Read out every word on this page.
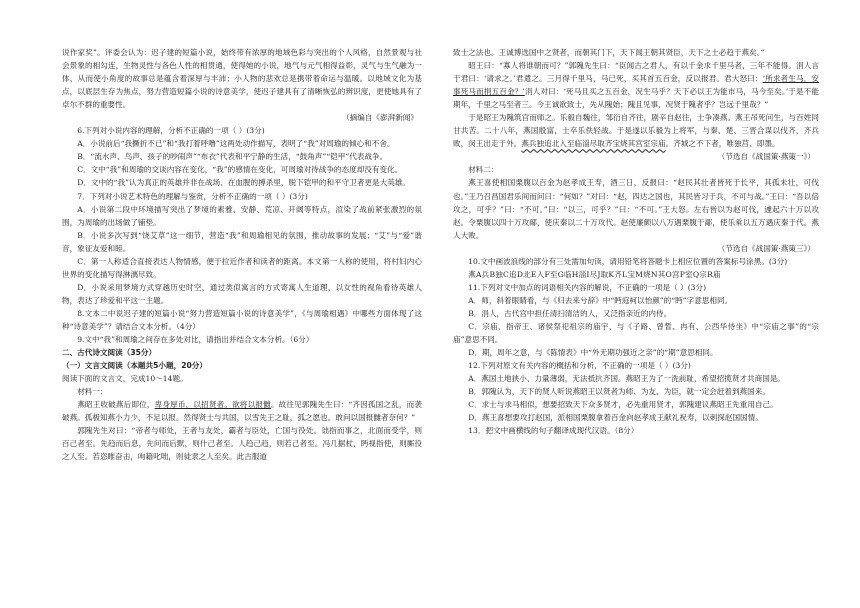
说作家奖”。评委会认为：迟子建的短篇小说，始终带有浓厚的地域色彩与突出的个人风格，自然景观与社会景象的相勾连，生物灵性与各色人性的相贯通，使得她的小说，地气与元气相得益彰，灵气与生气融为一体，从而使小角度的故事总是蕴含着深厚与丰沛；小人物的悲欢总是携带着命运与温暖。以地域文化为基点，以底层生存为焦点，努力营造短篇小说的诗意美学，使迟子建具有了清晰恢弘的辨识度，更使她具有了卓尔不群的重要性。

（摘编自《澎湃新闻》

6.下列对小说内容的理解，分析不正确的一项（ ）(3分)

A．小说前后“我撅折不已”和“我打着呼噜”这两处动作描写，表明了“我”对周瑜的倾心和不舍。

B．“流水声、鸟声、孩子的吵闹声”“布衣”代表和平宁静的生活，“鼓角声”“铠甲”代表战争。

C．文中“我”和周瑜的交谈内容在变化，“我”的感情在变化，可周瑜对待战争的态度却没有变化。

D．文中的“我”认为真正的英雄并非在战场、在血腥的搏杀里，脱下铠甲的和平守卫者更是大英雄。

7．下列对小说艺术特色的理解与鉴赏，分析不正确的一项（ ）(3分)

A．小说第二段中环境描写突出了梦境的素雅、安静、荒凉、开阔等特点，渲染了战前紧张激烈的氛围，为周瑜的出场做了铺垫。

B．小说多次写到“饶艾草”这一细节，营造“我”和周瑜相见的氛围，推动故事的发展；“艾”与“爱”谐音，象征友爱和睦。

C．第一人称适合直接表达人物情感，便于拉近作者和读者的距离。本文第一人称的使用，将村妇内心世界的变化描写得淋漓尽致。

D．小说采用梦境方式穿越历史时空，通过类似寓言的方式寄寓人生道理，以女性的视角看待英雄人物，表达了珍爱和平这一主题。

8.文本二中说迟子建的短篇小说“努力营造短篇小说的诗意美学”，《与周瑜相遇》中哪些方面体现了这种“诗意美学”？请结合文本分析。（4分）

9.文中“我”和周瑜之间存在多处对比，请指出并结合文本分析。（6分）

二、古代诗文阅读（35分）

（一）文言文阅读（本题共5小题，20分）

阅读下面的文言文，完成10～14题。

材料一：

燕昭王收破燕后即位，卑身厚币，以招贤者。欲将以报雠。故往见郭隗先生曰：“齐因孤国之乱，而袭破燕。孤极知燕小力少，不足以报。然得贤士与共国，以雪先王之耻，孤之愿也。敢问以国报雠者奈何？”

郭隗先生对曰：“帝者与师处，王者与友处，霸者与臣处，亡国与役处。诎指而事之，北面而受学，则百己者至。先趋而后息，先问而后默，则什己者至。人趋己趋，则若己者至。冯几据杖，眄视指使，则厮役之人至。若恣睢奋击，呴籍叱咄，则徒隶之人至矣。此古服道

致士之法也。王诚博选国中之贤者，而朝其门下，天下闻王朝其贤臣，天下之士必趋于燕矣。”

昭王曰：“寡人将谁朝而可？”郭隗先生曰：“臣闻古之君人，有以千金求千里马者，三年不能得。涓人言于君曰：‘请求之。’君遣之。三月得千里马，马已死，买其首五百金，反以报君。君大怒曰：‘所求者生马，安事死马而捐五百金？’涓人对曰：‘死马且买之五百金，况生马乎？天下必以王为能市马，马今至矣。’于是不能期年，千里之马至者三。今王诚欲致士，先从隗始；隗且见事，况贤于隗者乎？岂远千里哉？”

于是昭王为隗筑宫而师之。乐毅自魏往，邹衍自齐往，剧辛自赵往，士争凑燕。燕王吊死问生，与百姓同甘共苦。二十八年，燕国殷富，士卒乐佚轻战。于是遂以乐毅为上将军，与秦、楚、三晋合谋以伐齐，齐兵败，闵王出走于外。燕兵独追北入至临淄尽取齐宝烧其宫室宗庙。齐城之不下者，唯独莒、即墨。

（节选自《战国策·燕策一》）

材料二：

燕王喜使相国栗腹以百金为赵孝成王寿，酒三日，反报曰：“赵民其壮者皆死于长平，其孤未壮，可伐也。”王乃召昌国君乐间而问曰：“何如？”对曰：“赵，四达之国也，其民皆习于兵，不可与战。”王曰：“吾以倍攻之，可乎？”曰：“不可。”曰：“以三，可乎？”曰：“不可。”王大怒。左右皆以为赵可伐，遽起六十万以攻赵。令栗腹以四十万攻鄗，使庆秦以二十万攻代。赵使廉颇以八万遇栗腹于鄗，使乐乘以五万遇庆秦于代。燕人大败。

（节选自《战国策·燕策三》）

10.文中画波浪线的部分有三处需加句读，请用铅笔将答题卡上相应位置的答案标号涂黑。(3分)

燕A兵B独C追D北E入F至G临H淄I尽J取K齐L宝M烧N其O宫P室Q宗R庙

11.下列对文中加点的词语相关内容的解说，不正确的一项是（ ）(3分)

A．师，斜着眼睛看，与《归去来兮辞》中“眄庭柯以怡颜”的“眄”字意思相同。

B．涓人，古代宫中担任清扫清洁的人，又泛指亲近的内侍。

C．宗庙，指帝王、诸侯祭祀祖宗的庙宇，与《子路、曾皙、冉有、公西华侍坐》中“宗庙之事”的“宗庙”意思不同。

D．期，周年之意，与《陈情表》中“外无期功强近之亲”的“期”意思相同。

12.下列对原文有关内容的概括和分析，不正确的一项是（ ）(3分)

A．燕国土地狭小、力量薄弱，无法抵抗齐国。燕昭王为了一洗前耻，希望招揽贤才共商国是。

B．郭隗认为，天下的贤人听说燕昭王以贤者为师、为友、为臣，就一定会赶着到燕国来。

C．求士与求马相似，想要招致天下众多贤才，必先重用贤才，郭隗建议燕昭王先重用自己。

D．燕王喜想要攻打赵国，派相国栗腹拿着百金向赵孝成王献礼祝寿，以刺探赵国国情。

13．把文中画横线的句子翻译成现代汉语。（8分）
